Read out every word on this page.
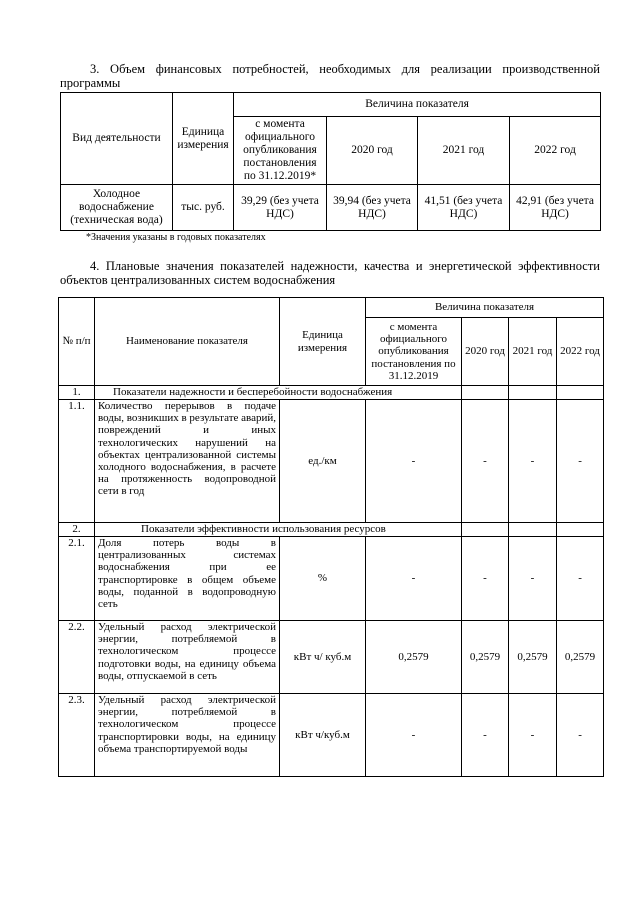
3. Объем финансовых потребностей, необходимых для реализации производственной программы
Вид деятельности	Единица измерения	Величина показателя			
		с момента официального опубликования постановления по 31.12.2019*	2020 год	2021 год	2022 год
Холодное водоснабжение (техническая вода)	тыс. руб.	39,29 (без учета НДС)	39,94 (без учета НДС)	41,51 (без учета НДС)	42,91 (без учета НДС)
*Значения указаны в годовых показателях
4. Плановые значения показателей надежности, качества и энергетической эффективности объектов централизованных систем водоснабжения
№ п/п	Наименование показателя	Единица измерения	Величина показателя			
			с момента официального опубликования постановления по 31.12.2019	2020 год	2021 год	2022 год
1.	Показатели надежности и бесперебойности водоснабжения					
1.1.	Количество перерывов в подаче воды, возникших в результате аварий, повреждений и иных технологических нарушений на объектах централизованной системы холодного водоснабжения, в расчете на протяженность водопроводной сети в год	ед./км	-	-	-	-
2.	Показатели эффективности использования ресурсов					
2.1.	Доля потерь воды в централизованных системах водоснабжения при ее транспортировке в общем объеме воды, поданной в водопроводную сеть	%	-	-	-	-
2.2.	Удельный расход электрической энергии, потребляемой в технологическом процессе подготовки воды, на единицу объема воды, отпускаемой в сеть	кВт ч/ куб.м	0,2579	0,2579	0,2579	0,2579
2.3.	Удельный расход электрической энергии, потребляемой в технологическом процессе транспортировки воды, на единицу объема транспортируемой воды	кВт ч/куб.м	-	-	-	-
